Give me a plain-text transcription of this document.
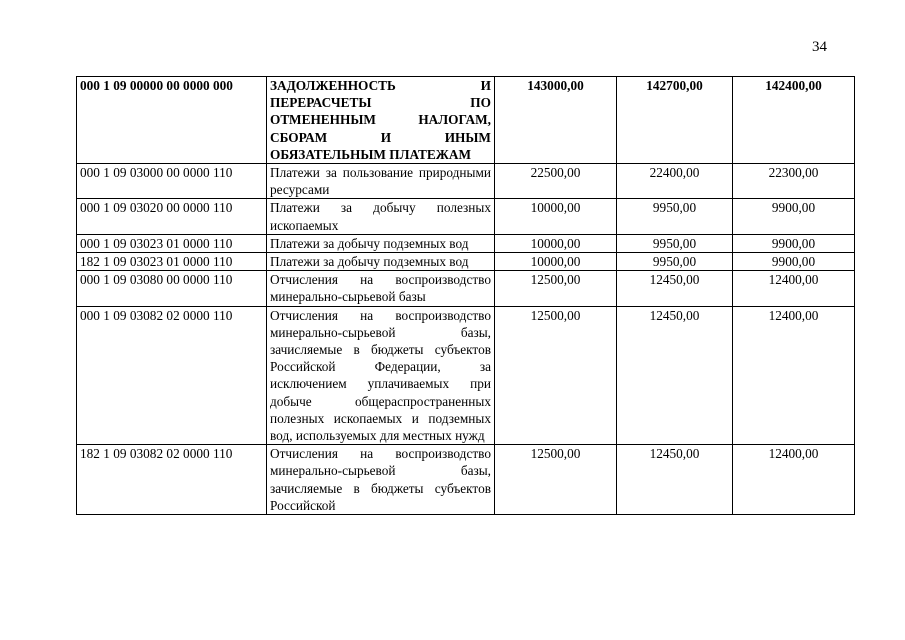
34
000 1 09 00000 00 0000 000	ЗАДОЛЖЕННОСТЬ И ПЕРЕРАСЧЕТЫ ПО ОТМЕНЕННЫМ НАЛОГАМ, СБОРАМ И ИНЫМ ОБЯЗАТЕЛЬНЫМ ПЛАТЕЖАМ	143000,00	142700,00	142400,00
000 1 09 03000 00 0000 110	Платежи за пользование природными ресурсами	22500,00	22400,00	22300,00
000 1 09 03020 00 0000 110	Платежи за добычу полезных ископаемых	10000,00	9950,00	9900,00
000 1 09 03023 01 0000 110	Платежи за добычу подземных вод	10000,00	9950,00	9900,00
182 1 09 03023 01 0000 110	Платежи за добычу подземных вод	10000,00	9950,00	9900,00
000 1 09 03080 00 0000 110	Отчисления на воспроизводство минерально-сырьевой базы	12500,00	12450,00	12400,00
000 1 09 03082 02 0000 110	Отчисления на воспроизводство минерально-сырьевой базы, зачисляемые в бюджеты субъектов Российской Федерации, за исключением уплачиваемых при добыче общераспространенных полезных ископаемых и подземных вод, используемых для местных нужд	12500,00	12450,00	12400,00
182 1 09 03082 02 0000 110	Отчисления на воспроизводство минерально-сырьевой базы, зачисляемые в бюджеты субъектов Российской	12500,00	12450,00	12400,00
